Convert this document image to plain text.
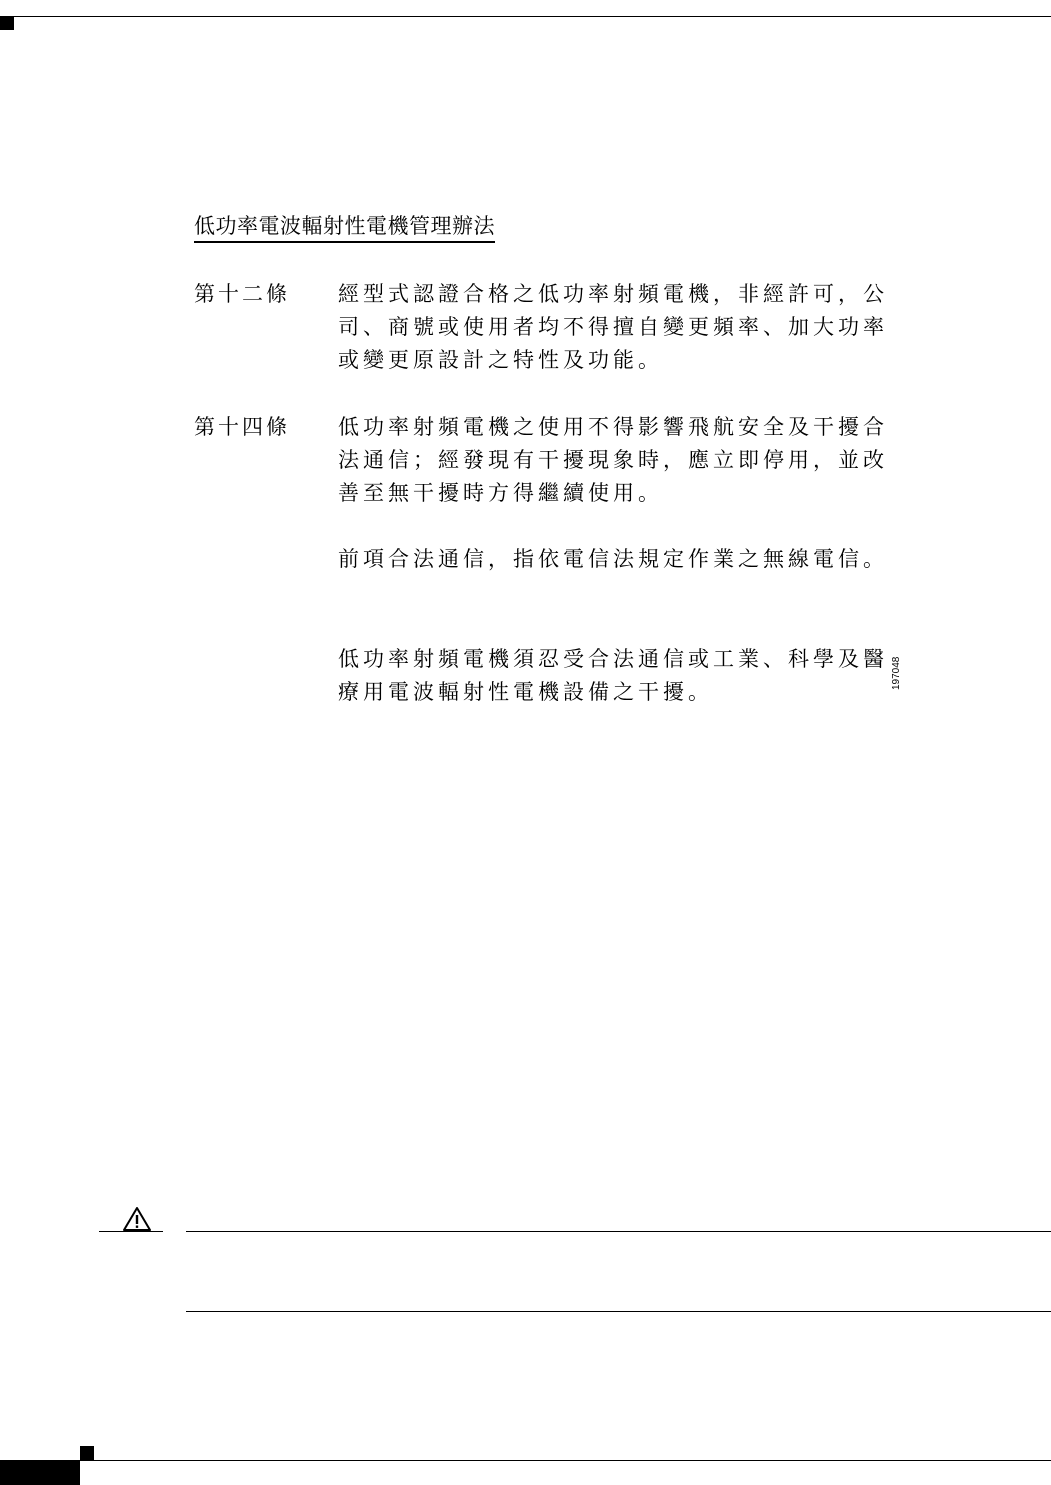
低功率電波輻射性電機管理辦法
第十二條 經型式認證合格之低功率射頻電機，非經許可，公司、商號或使用者均不得擅自變更頻率、加大功率或變更原設計之特性及功能。
第十四條 低功率射頻電機之使用不得影響飛航安全及干擾合法通信；經發現有干擾現象時，應立即停用，並改善至無干擾時方得繼續使用。
前項合法通信，指依電信法規定作業之無線電信。
低功率射頻電機須忍受合法通信或工業、科學及醫療用電波輻射性電機設備之干擾。
197048
